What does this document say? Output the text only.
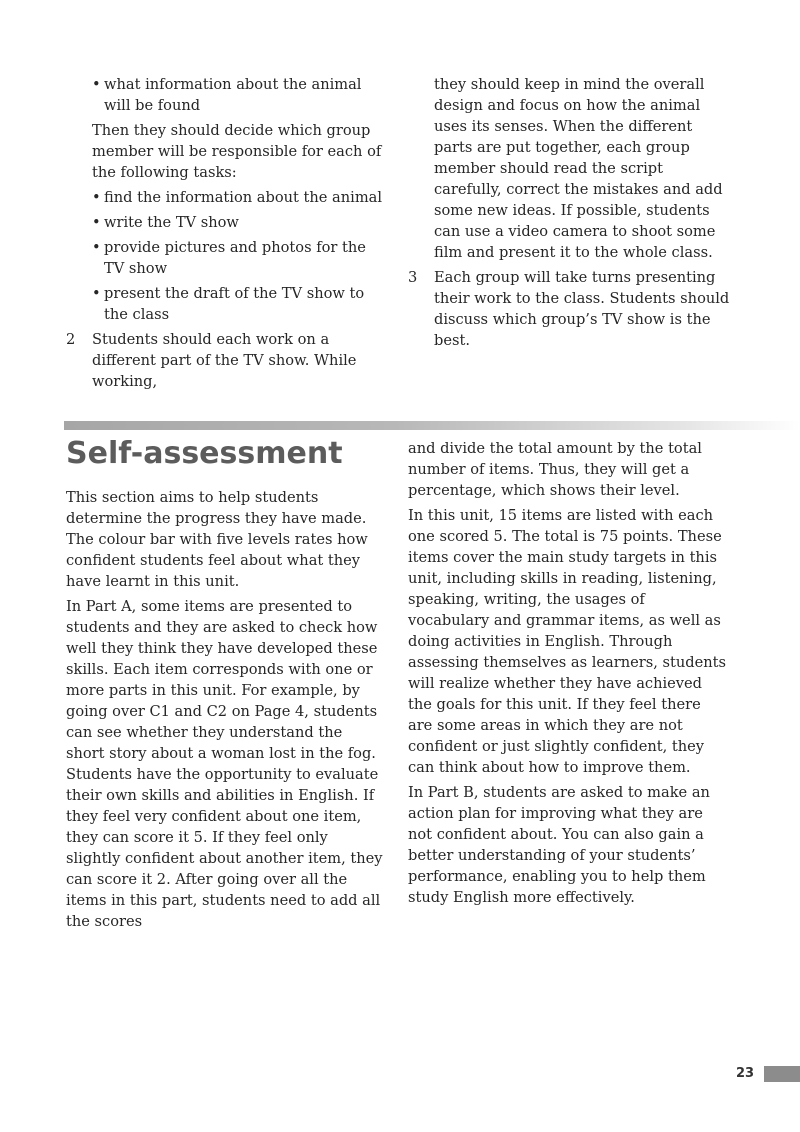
• what information about the animal will be found

Then they should decide which group member will be responsible for each of the following tasks:

• find the information about the animal
• write the TV show
• provide pictures and photos for the TV show
• present the draft of the TV show to the class
2 Students should each work on a different part of the TV show. While working,

they should keep in mind the overall design and focus on how the animal uses its senses. When the different parts are put together, each group member should read the script carefully, correct the mistakes and add some new ideas. If possible, students can use a video camera to shoot some film and present it to the whole class.

3 Each group will take turns presenting their work to the class. Students should discuss which group’s TV show is the best.
Self-assessment

This section aims to help students determine the progress they have made. The colour bar with five levels rates how confident students feel about what they have learnt in this unit.

In Part A, some items are presented to students and they are asked to check how well they think they have developed these skills. Each item corresponds with one or more parts in this unit. For example, by going over C1 and C2 on Page 4, students can see whether they understand the short story about a woman lost in the fog. Students have the opportunity to evaluate their own skills and abilities in English. If they feel very confident about one item, they can score it 5. If they feel only slightly confident about another item, they can score it 2. After going over all the items in this part, students need to add all the scores

and divide the total amount by the total number of items. Thus, they will get a percentage, which shows their level.

In this unit, 15 items are listed with each one scored 5. The total is 75 points. These items cover the main study targets in this unit, including skills in reading, listening, speaking, writing, the usages of vocabulary and grammar items, as well as doing activities in English. Through assessing themselves as learners, students will realize whether they have achieved the goals for this unit. If they feel there are some areas in which they are not confident or just slightly confident, they can think about how to improve them.

In Part B, students are asked to make an action plan for improving what they are not confident about. You can also gain a better understanding of your students’ performance, enabling you to help them study English more effectively.

23
